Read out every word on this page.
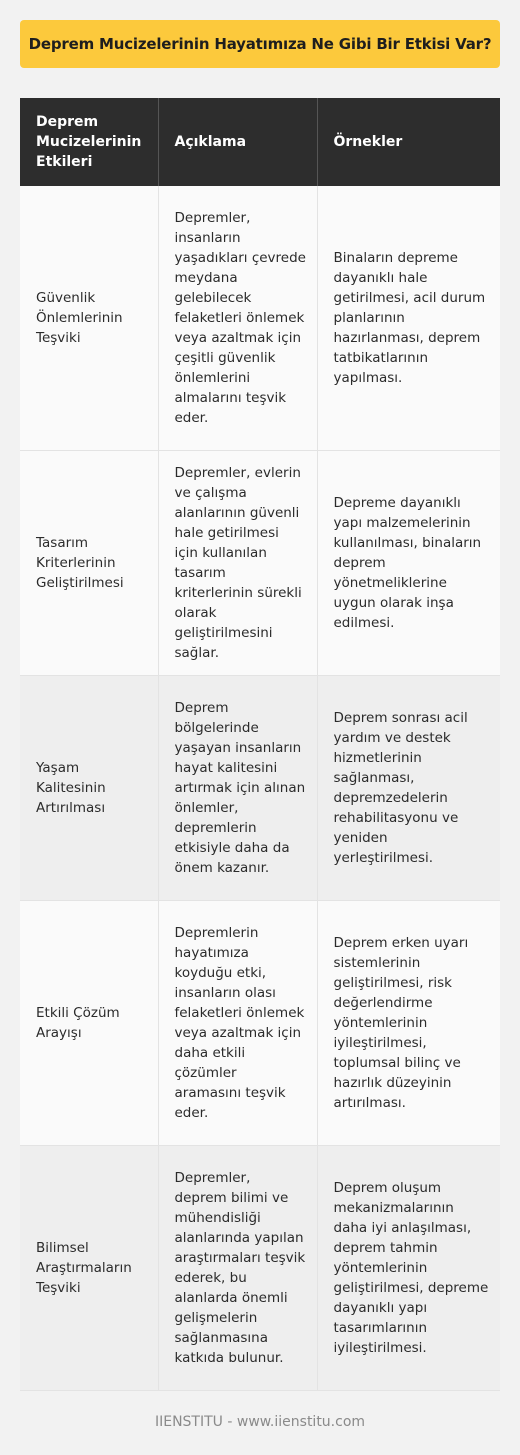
Deprem Mucizelerinin Hayatımıza Ne Gibi Bir Etkisi Var?
Deprem Mucizelerinin Etkileri	Açıklama	Örnekler
Güvenlik Önlemlerinin Teşviki	Depremler, insanların yaşadıkları çevrede meydana gelebilecek felaketleri önlemek veya azaltmak için çeşitli güvenlik önlemlerini almalarını teşvik eder.	Binaların depreme dayanıklı hale getirilmesi, acil durum planlarının hazırlanması, deprem tatbikatlarının yapılması.
Tasarım Kriterlerinin Geliştirilmesi	Depremler, evlerin ve çalışma alanlarının güvenli hale getirilmesi için kullanılan tasarım kriterlerinin sürekli olarak geliştirilmesini sağlar.	Depreme dayanıklı yapı malzemelerinin kullanılması, binaların deprem yönetmeliklerine uygun olarak inşa edilmesi.
Yaşam Kalitesinin Artırılması	Deprem bölgelerinde yaşayan insanların hayat kalitesini artırmak için alınan önlemler, depremlerin etkisiyle daha da önem kazanır.	Deprem sonrası acil yardım ve destek hizmetlerinin sağlanması, depremzedelerin rehabilitasyonu ve yeniden yerleştirilmesi.
Etkili Çözüm Arayışı	Depremlerin hayatımıza koyduğu etki, insanların olası felaketleri önlemek veya azaltmak için daha etkili çözümler aramasını teşvik eder.	Deprem erken uyarı sistemlerinin geliştirilmesi, risk değerlendirme yöntemlerinin iyileştirilmesi, toplumsal bilinç ve hazırlık düzeyinin artırılması.
Bilimsel Araştırmaların Teşviki	Depremler, deprem bilimi ve mühendisliği alanlarında yapılan araştırmaları teşvik ederek, bu alanlarda önemli gelişmelerin sağlanmasına katkıda bulunur.	Deprem oluşum mekanizmalarının daha iyi anlaşılması, deprem tahmin yöntemlerinin geliştirilmesi, depreme dayanıklı yapı tasarımlarının iyileştirilmesi.
IIENSTITU - www.iienstitu.com
